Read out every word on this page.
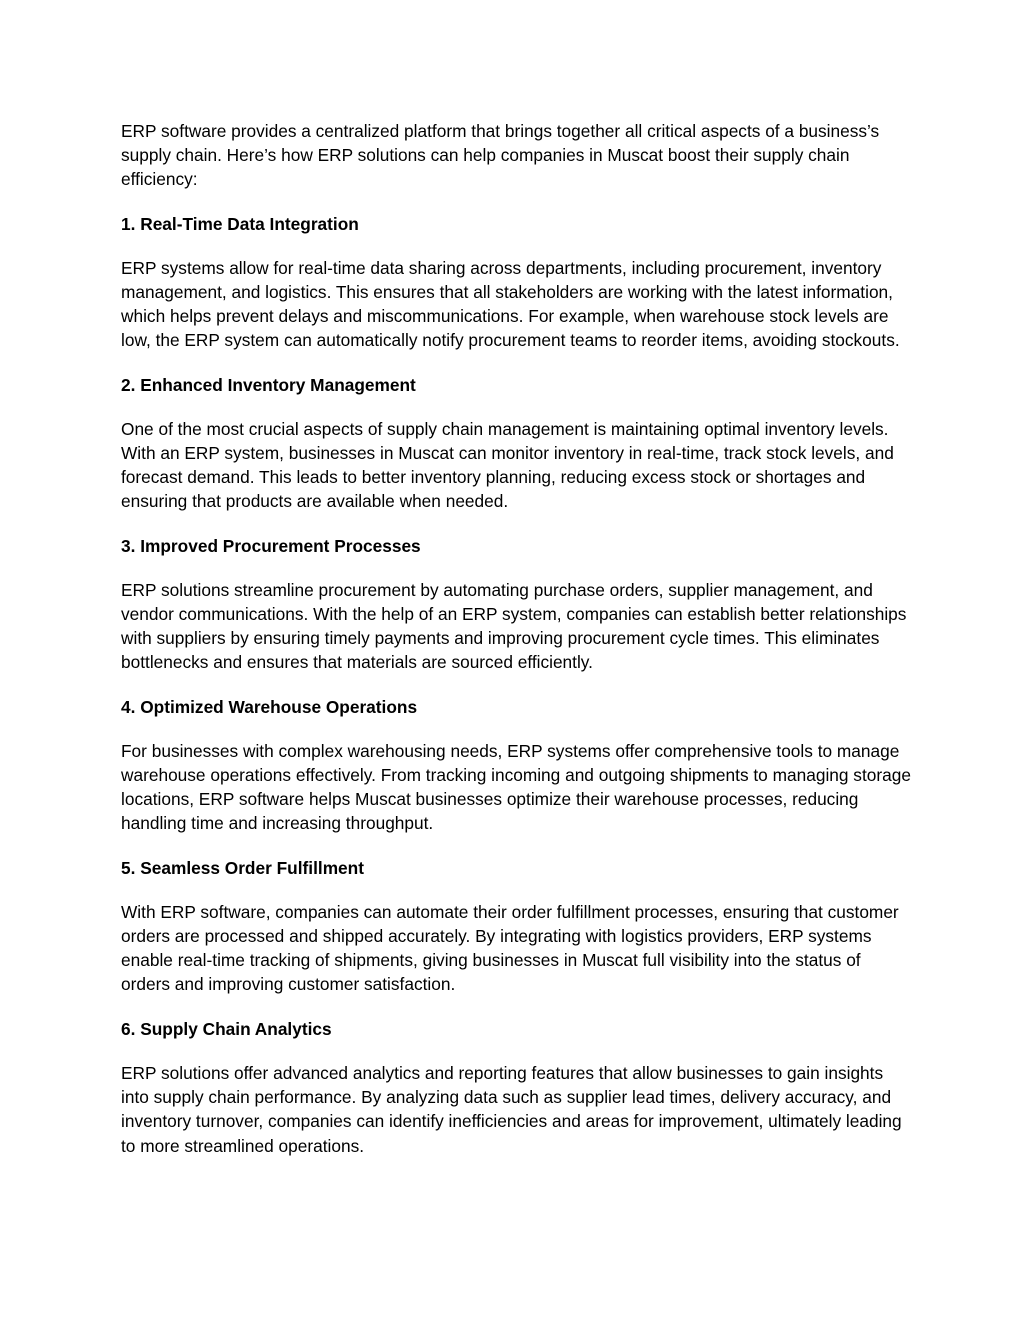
ERP software provides a centralized platform that brings together all critical aspects of a business’s supply chain. Here’s how ERP solutions can help companies in Muscat boost their supply chain efficiency:

1. Real-Time Data Integration

ERP systems allow for real-time data sharing across departments, including procurement, inventory management, and logistics. This ensures that all stakeholders are working with the latest information, which helps prevent delays and miscommunications. For example, when warehouse stock levels are low, the ERP system can automatically notify procurement teams to reorder items, avoiding stockouts.

2. Enhanced Inventory Management

One of the most crucial aspects of supply chain management is maintaining optimal inventory levels. With an ERP system, businesses in Muscat can monitor inventory in real-time, track stock levels, and forecast demand. This leads to better inventory planning, reducing excess stock or shortages and ensuring that products are available when needed.

3. Improved Procurement Processes

ERP solutions streamline procurement by automating purchase orders, supplier management, and vendor communications. With the help of an ERP system, companies can establish better relationships with suppliers by ensuring timely payments and improving procurement cycle times. This eliminates bottlenecks and ensures that materials are sourced efficiently.

4. Optimized Warehouse Operations

For businesses with complex warehousing needs, ERP systems offer comprehensive tools to manage warehouse operations effectively. From tracking incoming and outgoing shipments to managing storage locations, ERP software helps Muscat businesses optimize their warehouse processes, reducing handling time and increasing throughput.

5. Seamless Order Fulfillment

With ERP software, companies can automate their order fulfillment processes, ensuring that customer orders are processed and shipped accurately. By integrating with logistics providers, ERP systems enable real-time tracking of shipments, giving businesses in Muscat full visibility into the status of orders and improving customer satisfaction.

6. Supply Chain Analytics

ERP solutions offer advanced analytics and reporting features that allow businesses to gain insights into supply chain performance. By analyzing data such as supplier lead times, delivery accuracy, and inventory turnover, companies can identify inefficiencies and areas for improvement, ultimately leading to more streamlined operations.
